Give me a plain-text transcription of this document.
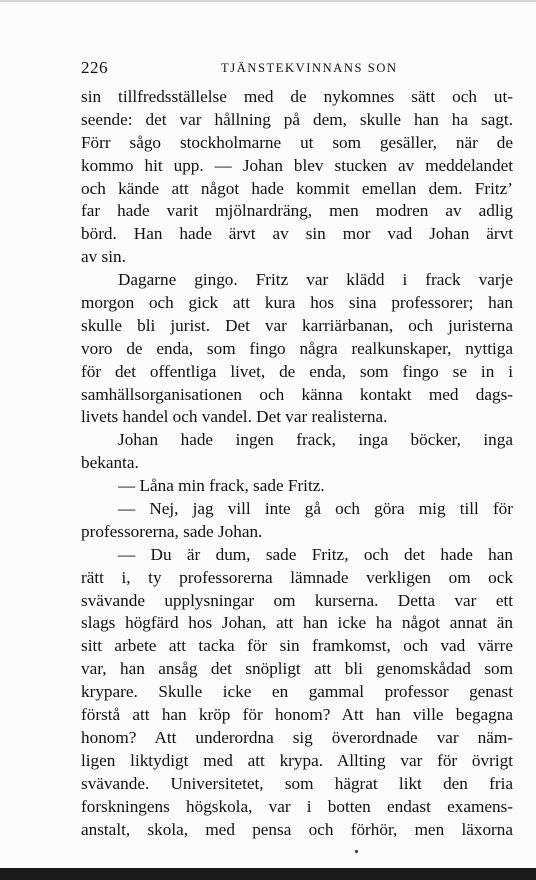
226	TJÄNSTEKVINNANS SON
sin tillfredsställelse med de nykomnes sätt och ut-
seende: det var hållning på dem, skulle han ha sagt.
Förr sågo stockholmarne ut som gesäller, när de
kommo hit upp. — Johan blev stucken av meddelandet
och kände att något hade kommit emellan dem. Fritz’
far hade varit mjölnardräng, men modren av adlig
börd. Han hade ärvt av sin mor vad Johan ärvt
av sin.
Dagarne gingo. Fritz var klädd i frack varje
morgon och gick att kura hos sina professorer; han
skulle bli jurist. Det var karriärbanan, och juristerna
voro de enda, som fingo några realkunskaper, nyttiga
för det offentliga livet, de enda, som fingo se in i
samhällsorganisationen och känna kontakt med dags-
livets handel och vandel. Det var realisterna.
Johan hade ingen frack, inga böcker, inga
bekanta.
— Låna min frack, sade Fritz.
— Nej, jag vill inte gå och göra mig till för
professorerna, sade Johan.
— Du är dum, sade Fritz, och det hade han
rätt i, ty professorerna lämnade verkligen om ock
svävande upplysningar om kurserna. Detta var ett
slags högfärd hos Johan, att han icke ha något annat än
sitt arbete att tacka för sin framkomst, och vad värre
var, han ansåg det snöpligt att bli genomskådad som
krypare. Skulle icke en gammal professor genast
förstå att han kröp för honom? Att han ville begagna
honom? Att underordna sig överordnade var näm-
ligen liktydigt med att krypa. Allting var för övrigt
svävande. Universitetet, som hägrat likt den fria
forskningens högskola, var i botten endast examens-
anstalt, skola, med pensa och förhör, men läxorna
